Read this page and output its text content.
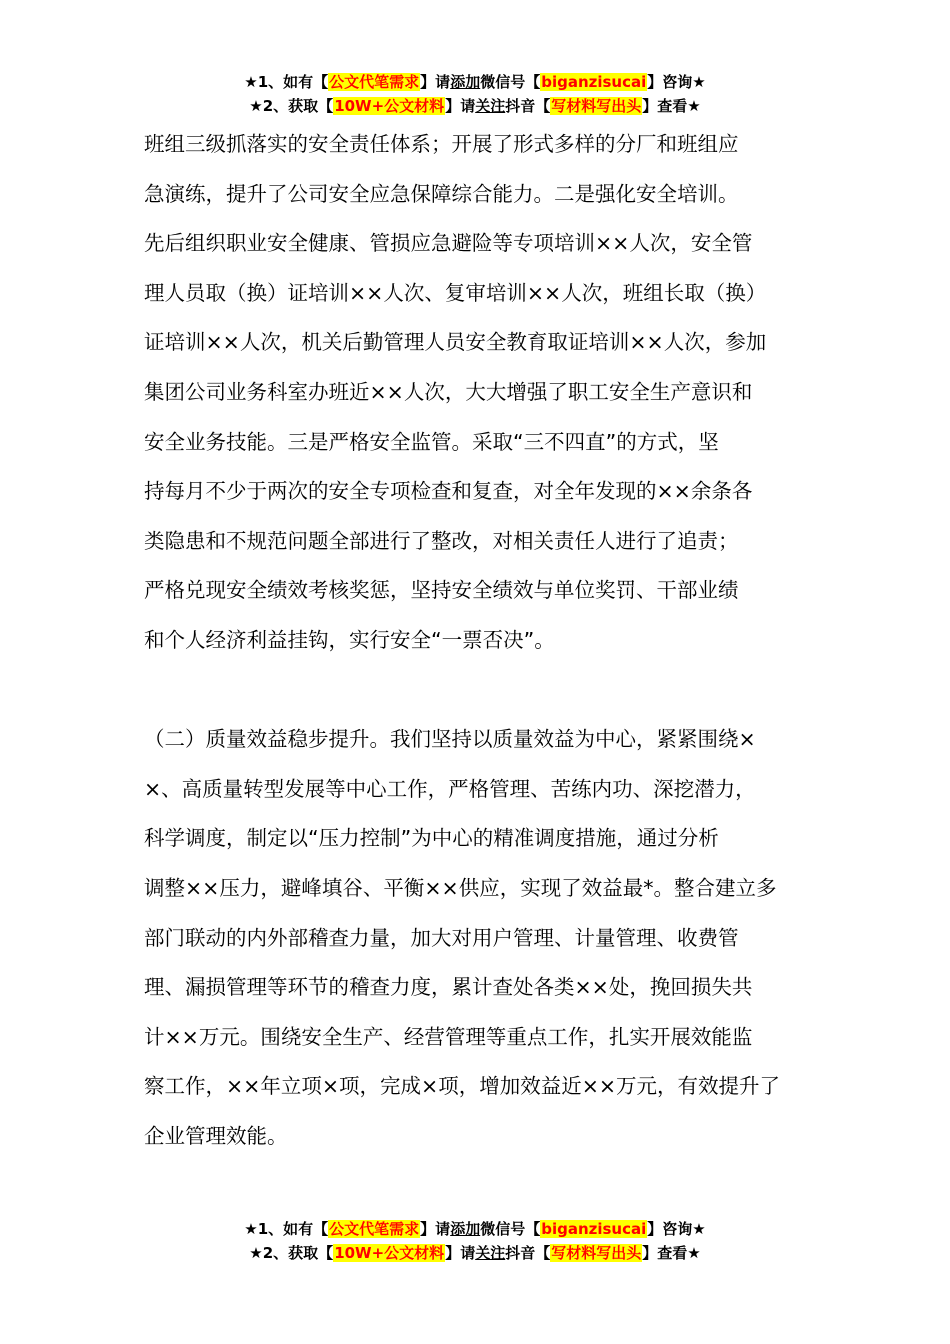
★1、如有【公文代笔需求】请添加微信号【biganzisucai】咨询★
★2、获取【10W+公文材料】请关注抖音【写材料写出头】查看★
班组三级抓落实的安全责任体系；开展了形式多样的分厂和班组应
急演练，提升了公司安全应急保障综合能力。二是强化安全培训。
先后组织职业安全健康、管损应急避险等专项培训××人次，安全管
理人员取（换）证培训××人次、复审培训××人次，班组长取（换）
证培训××人次，机关后勤管理人员安全教育取证培训××人次，参加
集团公司业务科室办班近××人次，大大增强了职工安全生产意识和
安全业务技能。三是严格安全监管。采取“三不四直”的方式，坚
持每月不少于两次的安全专项检查和复查，对全年发现的××余条各
类隐患和不规范问题全部进行了整改，对相关责任人进行了追责；
严格兑现安全绩效考核奖惩，坚持安全绩效与单位奖罚、干部业绩
和个人经济利益挂钩，实行安全“一票否决”。
（二）质量效益稳步提升。我们坚持以质量效益为中心，紧紧围绕×
×、高质量转型发展等中心工作，严格管理、苦练内功、深挖潜力，
科学调度，制定以“压力控制”为中心的精准调度措施，通过分析
调整××压力，避峰填谷、平衡××供应，实现了效益最*。整合建立多
部门联动的内外部稽查力量，加大对用户管理、计量管理、收费管
理、漏损管理等环节的稽查力度，累计查处各类××处，挽回损失共
计××万元。围绕安全生产、经营管理等重点工作，扎实开展效能监
察工作，××年立项×项，完成×项，增加效益近××万元，有效提升了
企业管理效能。
★1、如有【公文代笔需求】请添加微信号【biganzisucai】咨询★
★2、获取【10W+公文材料】请关注抖音【写材料写出头】查看★
